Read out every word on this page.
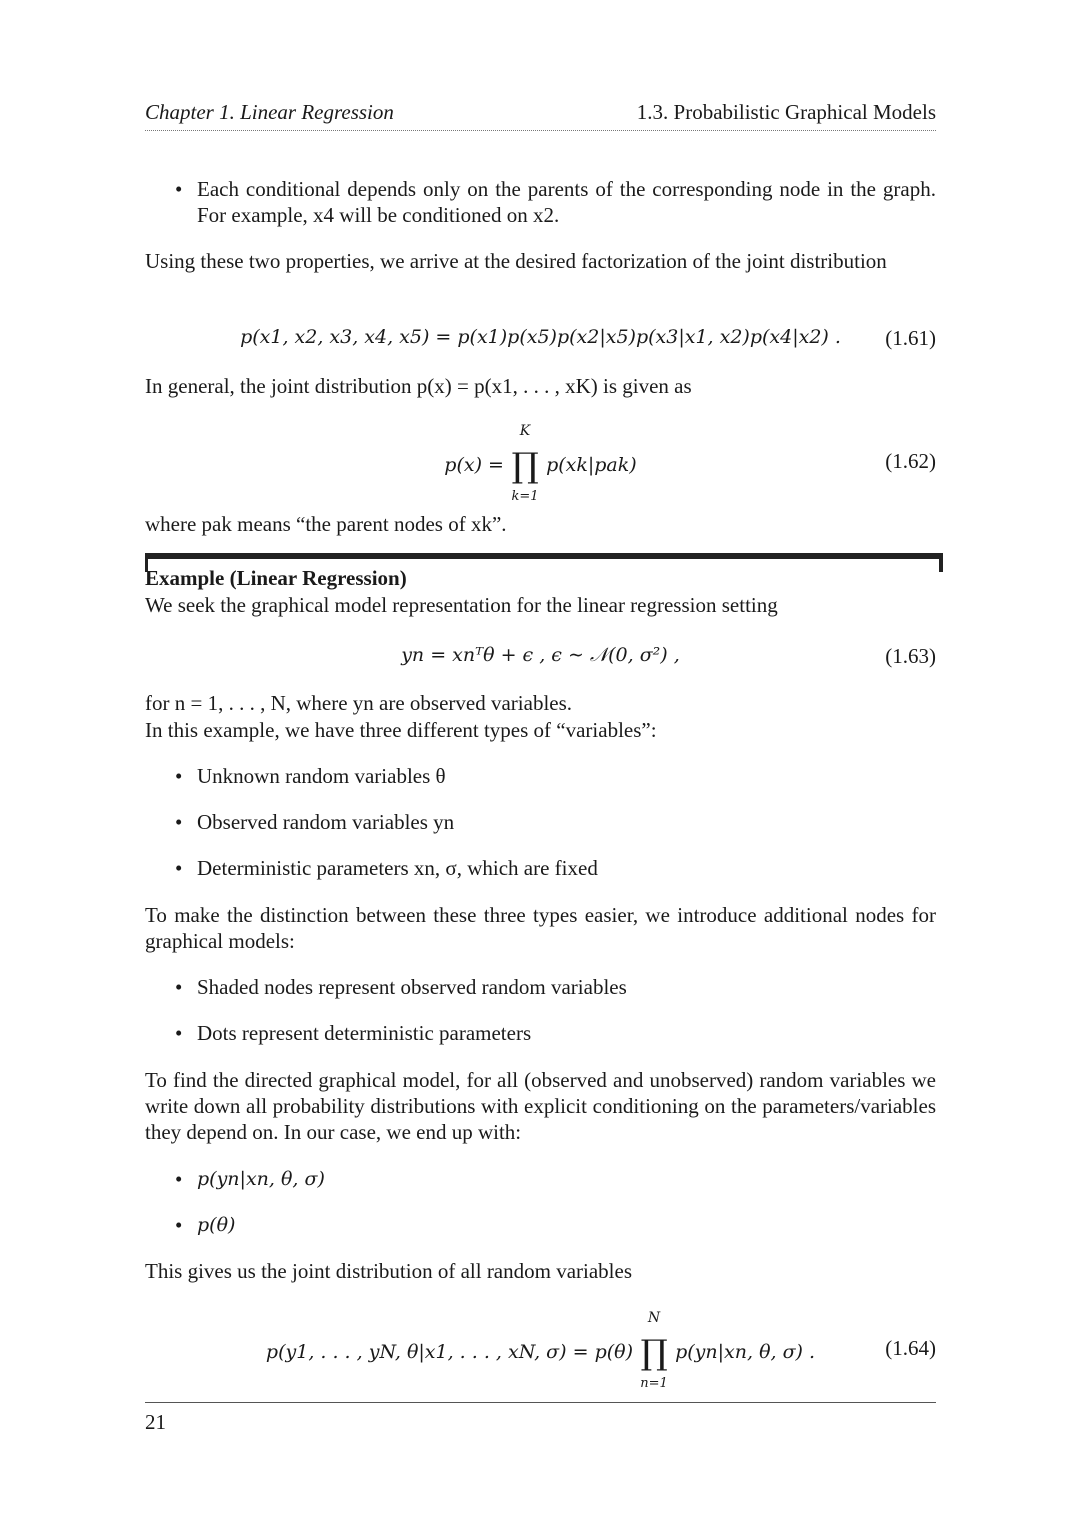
Chapter 1. Linear Regression	1.3. Probabilistic Graphical Models
• Each conditional depends only on the parents of the corresponding node in the graph. For example, x4 will be conditioned on x2.
Using these two properties, we arrive at the desired factorization of the joint distribution
p(x1, x2, x3, x4, x5) = p(x1)p(x5)p(x2|x5)p(x3|x1, x2)p(x4|x2) .	(1.61)
In general, the joint distribution p(x) = p(x1, . . . , xK) is given as
p(x) =
K
∏
k=1
p(xk|pak)	(1.62)
where pak means “the parent nodes of xk”.
Example (Linear Regression)
We seek the graphical model representation for the linear regression setting
yn = xnᵀθ + ϵ , ϵ ∼ 𝒩(0, σ²) ,	(1.63)
for n = 1, . . . , N, where yn are observed variables.
In this example, we have three different types of “variables”:
• Unknown random variables θ
• Observed random variables yn
• Deterministic parameters xn, σ, which are fixed
To make the distinction between these three types easier, we introduce additional nodes for graphical models:
• Shaded nodes represent observed random variables
• Dots represent deterministic parameters
To find the directed graphical model, for all (observed and unobserved) random variables we write down all probability distributions with explicit conditioning on the parameters/variables they depend on. In our case, we end up with:
• p(yn|xn, θ, σ)
• p(θ)
This gives us the joint distribution of all random variables
p(y1, . . . , yN, θ|x1, . . . , xN, σ) = p(θ)
N
∏
n=1
p(yn|xn, θ, σ) .	(1.64)
21
